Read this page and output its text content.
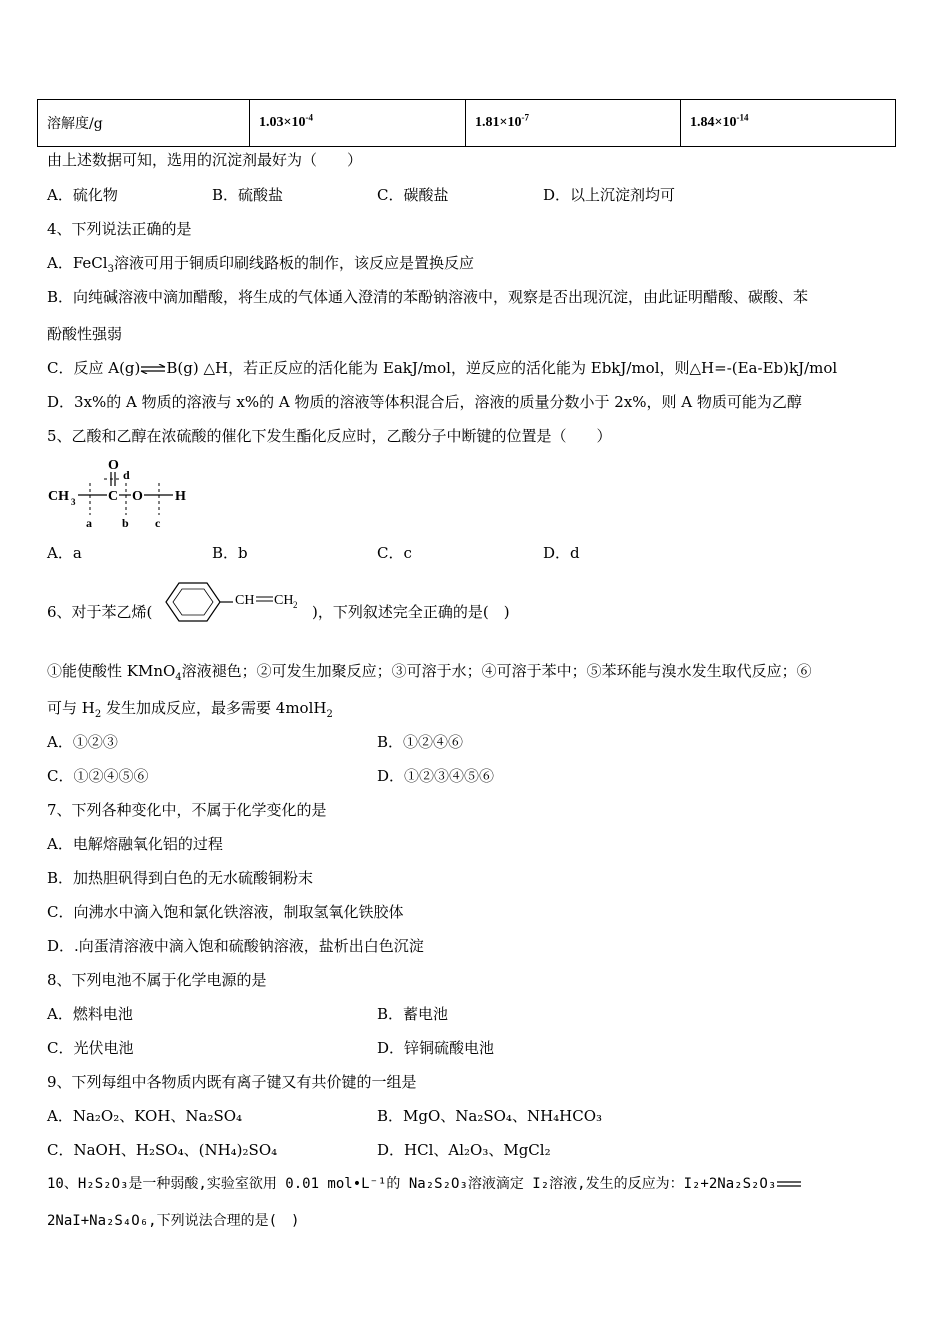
溶解度/g	$1.03\times 10^{-4}$	$1.81\times 10^{-7}$	$1.84\times 10^{-14}$
由上述数据可知，选用的沉淀剂最好为（　　）
A．硫化物	B．硫酸盐	C．碳酸盐	D．以上沉淀剂均可
4、下列说法正确的是
A．FeCl$_3$溶液可用于铜质印刷线路板的制作，该反应是置换反应
B．向纯碱溶液中滴加醋酸，将生成的气体通入澄清的苯酚钠溶液中，观察是否出现沉淀，由此证明醋酸、碳酸、苯
酚酸性强弱
C．反应 A(g)⇌B(g) △H，若正反应的活化能为 EakJ/mol，逆反应的活化能为 EbkJ/mol，则△H=-(Ea-Eb)kJ/mol
D．3x%的 A 物质的溶液与 x%的 A 物质的溶液等体积混合后，溶液的质量分数小于 2x%，则 A 物质可能为乙醇
5、乙酸和乙醇在浓硫酸的催化下发生酯化反应时，乙酸分子中断键的位置是（　　）
CH 3 C
O
O H
d
a	b c
A．a	B．b	C．c	D．d
6、对于苯乙烯(
CH CH 2 )，下列叙述完全正确的是(　)
①能使酸性 KMnO$_4$溶液褪色；②可发生加聚反应；③可溶于水；④可溶于苯中；⑤苯环能与溴水发生取代反应；⑥
可与 $H_2$ 发生加成反应，最多需要 4molH$_2$
A．①②③	B．①②④⑥
C．①②④⑤⑥	D．①②③④⑤⑥
7、下列各种变化中，不属于化学变化的是
A．电解熔融氧化铝的过程
B．加热胆矾得到白色的无水硫酸铜粉末
C．向沸水中滴入饱和氯化铁溶液，制取氢氧化铁胶体
D．.向蛋清溶液中滴入饱和硫酸钠溶液，盐析出白色沉淀
8、下列电池不属于化学电源的是
A．燃料电池	B．蓄电池
C．光伏电池	D．锌铜硫酸电池
9、下列每组中各物质内既有离子键又有共价键的一组是
A．Na₂O₂、KOH、Na₂SO₄	B．MgO、Na₂SO₄、NH₄HCO₃
C．NaOH、H₂SO₄、(NH₄)₂SO₄	D．HCl、Al₂O₃、MgCl₂
10、H₂S₂O₃是一种弱酸,实验室欲用 0.01 mol•L⁻¹的 Na₂S₂O₃溶液滴定 I₂溶液,发生的反应为：I₂+2Na₂S₂O₃
2NaI+Na₂S₄O₆,下列说法合理的是(　)
